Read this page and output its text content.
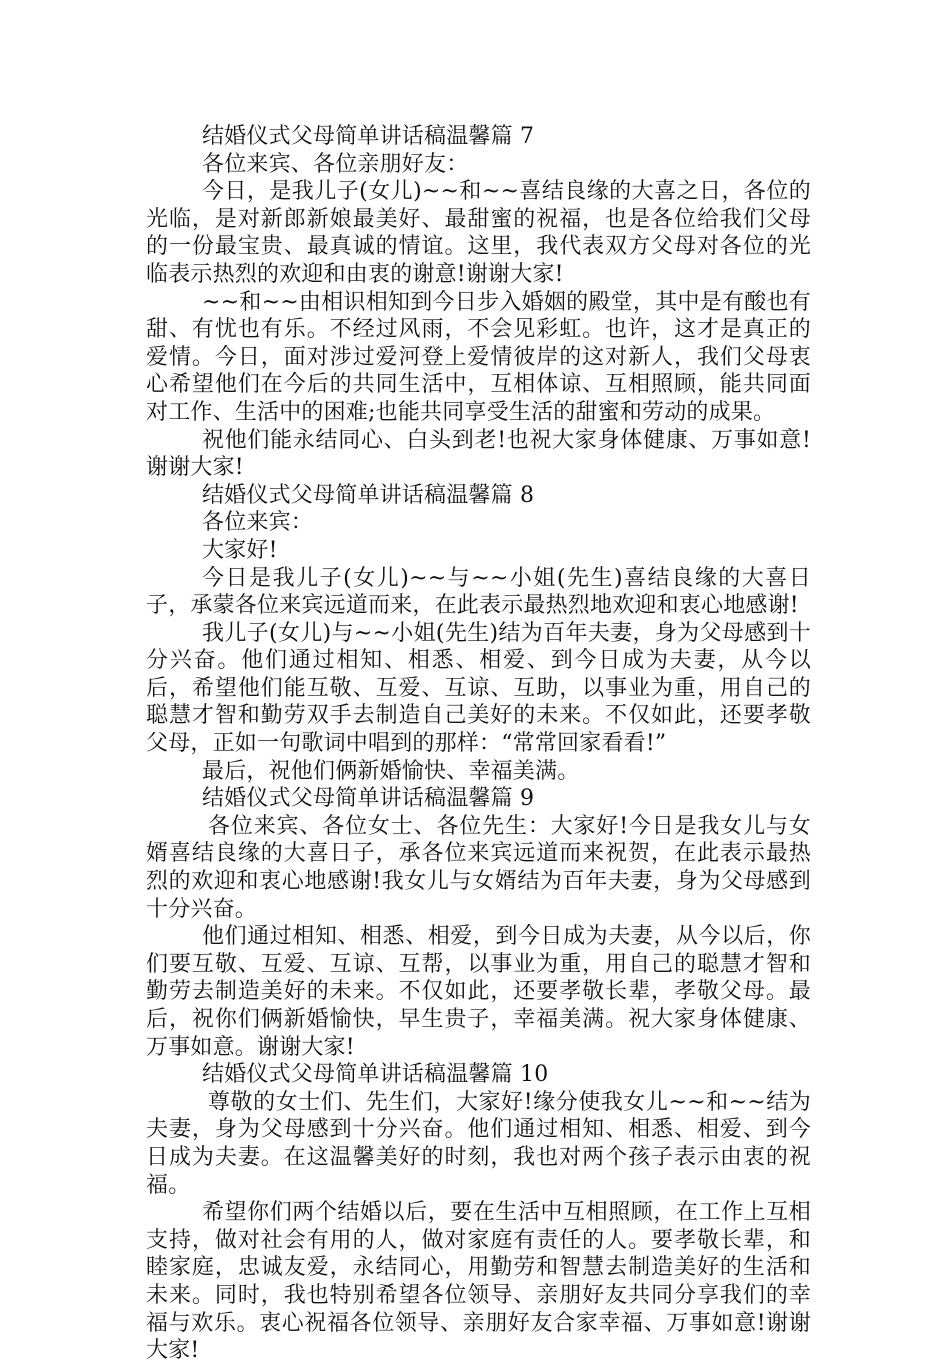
结婚仪式父母简单讲话稿温馨篇 7

各位来宾、各位亲朋好友：

今日，是我儿子(女儿)~~和~~喜结良缘的大喜之日，各位的光临，是对新郎新娘最美好、最甜蜜的祝福，也是各位给我们父母的一份最宝贵、最真诚的情谊。这里，我代表双方父母对各位的光临表示热烈的欢迎和由衷的谢意!谢谢大家!

~~和~~由相识相知到今日步入婚姻的殿堂，其中是有酸也有甜、有忧也有乐。不经过风雨，不会见彩虹。也许，这才是真正的爱情。今日，面对涉过爱河登上爱情彼岸的这对新人，我们父母衷心希望他们在今后的共同生活中，互相体谅、互相照顾，能共同面对工作、生活中的困难;也能共同享受生活的甜蜜和劳动的成果。

祝他们能永结同心、白头到老!也祝大家身体健康、万事如意!谢谢大家!

结婚仪式父母简单讲话稿温馨篇 8

各位来宾：

大家好!

今日是我儿子(女儿)~~与~~小姐(先生)喜结良缘的大喜日子，承蒙各位来宾远道而来，在此表示最热烈地欢迎和衷心地感谢!

我儿子(女儿)与~~小姐(先生)结为百年夫妻，身为父母感到十分兴奋。他们通过相知、相悉、相爱、到今日成为夫妻，从今以后，希望他们能互敬、互爱、互谅、互助，以事业为重，用自己的聪慧才智和勤劳双手去制造自己美好的未来。不仅如此，还要孝敬父母，正如一句歌词中唱到的那样：“常常回家看看!”

最后，祝他们俩新婚愉快、幸福美满。

结婚仪式父母简单讲话稿温馨篇 9

各位来宾、各位女士、各位先生：大家好!今日是我女儿与女婿喜结良缘的大喜日子，承各位来宾远道而来祝贺，在此表示最热烈的欢迎和衷心地感谢!我女儿与女婿结为百年夫妻，身为父母感到十分兴奋。

他们通过相知、相悉、相爱，到今日成为夫妻，从今以后，你们要互敬、互爱、互谅、互帮，以事业为重，用自己的聪慧才智和勤劳去制造美好的未来。不仅如此，还要孝敬长辈，孝敬父母。最后，祝你们俩新婚愉快，早生贵子，幸福美满。祝大家身体健康、万事如意。谢谢大家!

结婚仪式父母简单讲话稿温馨篇 10

尊敬的女士们、先生们，大家好!缘分使我女儿~~和~~结为夫妻，身为父母感到十分兴奋。他们通过相知、相悉、相爱、到今日成为夫妻。在这温馨美好的时刻，我也对两个孩子表示由衷的祝福。

希望你们两个结婚以后，要在生活中互相照顾，在工作上互相支持，做对社会有用的人，做对家庭有责任的人。要孝敬长辈，和睦家庭，忠诚友爱，永结同心，用勤劳和智慧去制造美好的生活和未来。同时，我也特别希望各位领导、亲朋好友共同分享我们的幸福与欢乐。衷心祝福各位领导、亲朋好友合家幸福、万事如意!谢谢大家!
